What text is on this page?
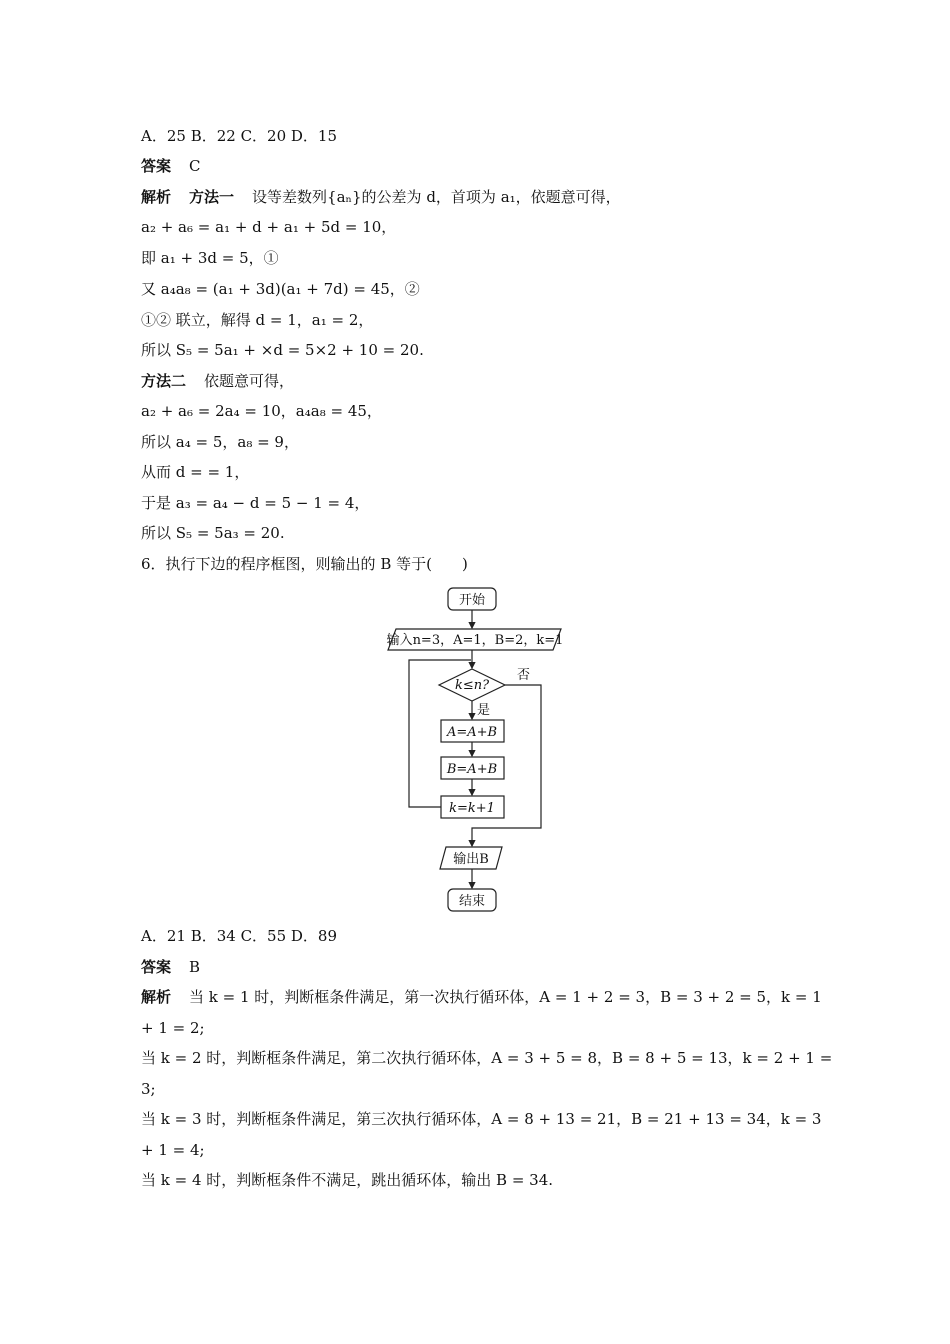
A．25 B．22 C．20 D．15
答案 C
解析 方法一 设等差数列{aₙ}的公差为 d，首项为 a₁，依题意可得，
a₂ + a₆ = a₁ + d + a₁ + 5d = 10，
即 a₁ + 3d = 5，①
又 a₄a₈ = (a₁ + 3d)(a₁ + 7d) = 45，②
①② 联立，解得 d = 1，a₁ = 2，
所以 S₅ = 5a₁ + ×d = 5×2 + 10 = 20.
方法二 依题意可得，
a₂ + a₆ = 2a₄ = 10，a₄a₈ = 45，
所以 a₄ = 5，a₈ = 9，
从而 d = = 1，
于是 a₃ = a₄ − d = 5 − 1 = 4，
所以 S₅ = 5a₃ = 20.
6．执行下边的程序框图，则输出的 B 等于(　　)
开始
输入n=3，A=1，B=2，k=1
k≤n?
否
是
A=A+B
B=A+B
k=k+1
输出B
结束
A．21 B．34 C．55 D．89
答案 B
解析 当 k = 1 时，判断框条件满足，第一次执行循环体，A = 1 + 2 = 3，B = 3 + 2 = 5，k = 1
+ 1 = 2;
当 k = 2 时，判断框条件满足，第二次执行循环体，A = 3 + 5 = 8，B = 8 + 5 = 13，k = 2 + 1 =
3;
当 k = 3 时，判断框条件满足，第三次执行循环体，A = 8 + 13 = 21，B = 21 + 13 = 34，k = 3
+ 1 = 4;
当 k = 4 时，判断框条件不满足，跳出循环体，输出 B = 34.
